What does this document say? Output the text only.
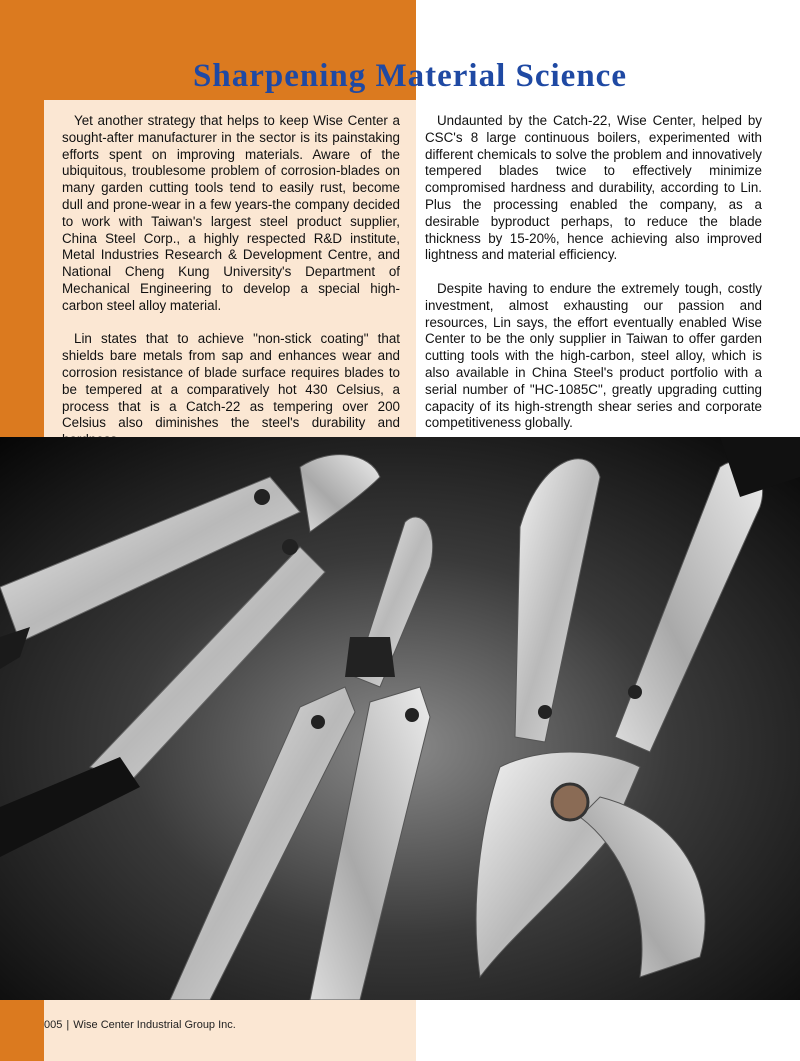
Sharpening Material Science

Yet another strategy that helps to keep Wise Center a sought-after manufacturer in the sector is its painstaking efforts spent on improving materials. Aware of the ubiquitous, troublesome problem of corrosion-blades on many garden cutting tools tend to easily rust, become dull and prone-wear in a few years-the company decided to work with Taiwan's largest steel product supplier, China Steel Corp., a highly respected R&D institute, Metal Industries Research & Development Centre, and National Cheng Kung University's Department of Mechanical Engineering to develop a special high-carbon steel alloy material.

Lin states that to achieve "non-stick coating" that shields bare metals from sap and enhances wear and corrosion resistance of blade surface requires blades to be tempered at a comparatively hot 430 Celsius, a process that is a Catch-22 as tempering over 200 Celsius also diminishes the steel's durability and

Undaunted by the Catch-22, Wise Center, helped by CSC's 8 large continuous boilers, experimented with different chemicals to solve the problem and innovatively tempered blades twice to effectively minimize compromised hardness and durability, according to Lin. Plus the processing enabled the company, as a desirable byproduct perhaps, to reduce the blade thickness by 15-20%, hence achieving also improved lightness and material efficiency.

Despite having to endure the extremely tough, costly investment, almost exhausting our passion and resources, Lin says, the effort eventually enabled Wise Center to be the only supplier in Taiwan to offer garden cutting tools with the high-carbon, steel alloy, which is also available in China Steel's product portfolio with a serial number of "HC-1085C", greatly upgrading cutting capacity of its high-strength shear series and corporate competitiveness globally.

005 | Wise Center Industrial Group Inc.
